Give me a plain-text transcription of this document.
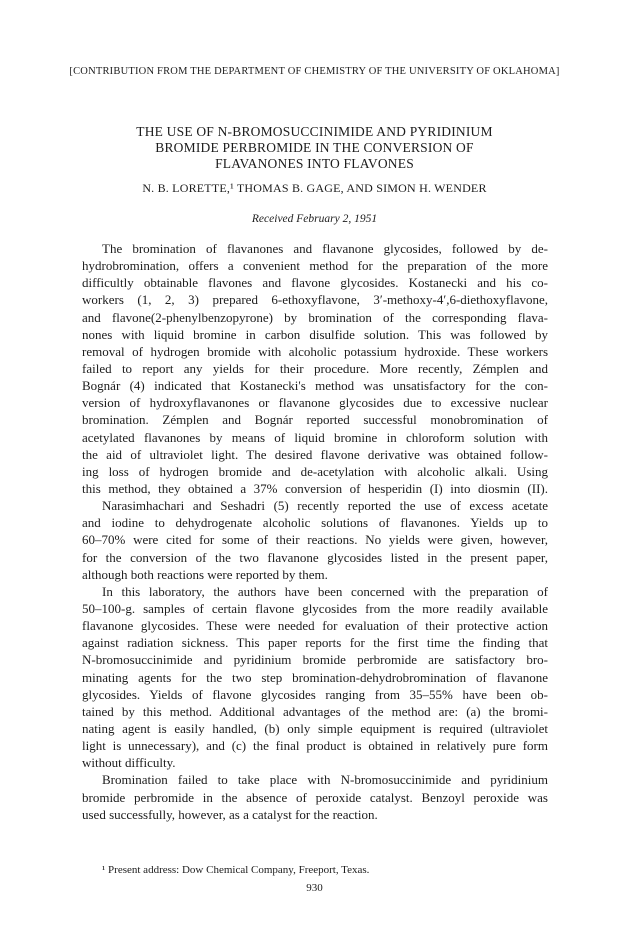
[CONTRIBUTION FROM THE DEPARTMENT OF CHEMISTRY OF THE UNIVERSITY OF OKLAHOMA]
THE USE OF N-BROMOSUCCINIMIDE AND PYRIDINIUM
BROMIDE PERBROMIDE IN THE CONVERSION OF
FLAVANONES INTO FLAVONES
N. B. LORETTE,¹ THOMAS B. GAGE, AND SIMON H. WENDER
Received February 2, 1951
The bromination of flavanones and flavanone glycosides, followed by de-
hydrobromination, offers a convenient method for the preparation of the more
difficultly obtainable flavones and flavone glycosides. Kostanecki and his co-
workers (1, 2, 3) prepared 6-ethoxyflavone, 3′-methoxy-4′,6-diethoxyflavone,
and flavone(2-phenylbenzopyrone) by bromination of the corresponding flava-
nones with liquid bromine in carbon disulfide solution. This was followed by
removal of hydrogen bromide with alcoholic potassium hydroxide. These workers
failed to report any yields for their procedure. More recently, Zémplen and
Bognár (4) indicated that Kostanecki's method was unsatisfactory for the con-
version of hydroxyflavanones or flavanone glycosides due to excessive nuclear
bromination. Zémplen and Bognár reported successful monobromination of
acetylated flavanones by means of liquid bromine in chloroform solution with
the aid of ultraviolet light. The desired flavone derivative was obtained follow-
ing loss of hydrogen bromide and de-acetylation with alcoholic alkali. Using
this method, they obtained a 37% conversion of hesperidin (I) into diosmin (II).
Narasimhachari and Seshadri (5) recently reported the use of excess acetate
and iodine to dehydrogenate alcoholic solutions of flavanones. Yields up to
60–70% were cited for some of their reactions. No yields were given, however,
for the conversion of the two flavanone glycosides listed in the present paper,
although both reactions were reported by them.
In this laboratory, the authors have been concerned with the preparation of
50–100-g. samples of certain flavone glycosides from the more readily available
flavanone glycosides. These were needed for evaluation of their protective action
against radiation sickness. This paper reports for the first time the finding that
N-bromosuccinimide and pyridinium bromide perbromide are satisfactory bro-
minating agents for the two step bromination-dehydrobromination of flavanone
glycosides. Yields of flavone glycosides ranging from 35–55% have been ob-
tained by this method. Additional advantages of the method are: (a) the bromi-
nating agent is easily handled, (b) only simple equipment is required (ultraviolet
light is unnecessary), and (c) the final product is obtained in relatively pure form
without difficulty.
Bromination failed to take place with N-bromosuccinimide and pyridinium
bromide perbromide in the absence of peroxide catalyst. Benzoyl peroxide was
used successfully, however, as a catalyst for the reaction.
¹ Present address: Dow Chemical Company, Freeport, Texas.
930
